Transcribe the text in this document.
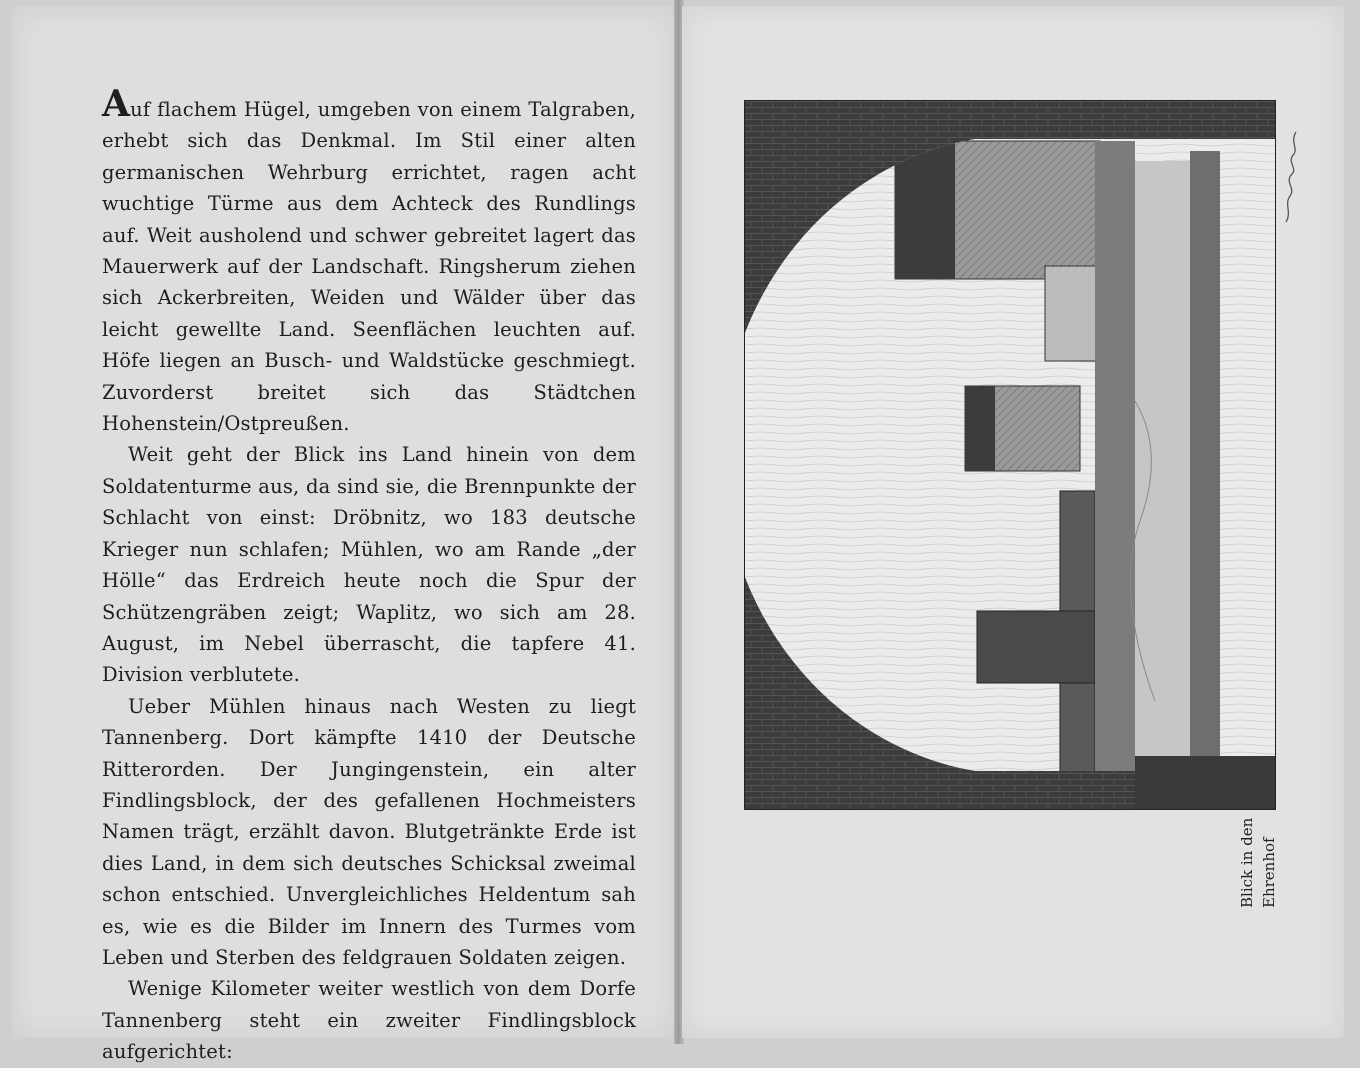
Auf flachem Hügel, umgeben von einem Talgraben, erhebt sich das Denkmal. Im Stil einer alten germanischen Wehrburg errichtet, ragen acht wuchtige Türme aus dem Achteck des Rundlings auf. Weit ausholend und schwer gebreitet lagert das Mauerwerk auf der Landschaft. Ringsherum ziehen sich Ackerbreiten, Weiden und Wälder über das leicht gewellte Land. Seenflächen leuchten auf. Höfe liegen an Busch- und Waldstücke geschmiegt. Zuvorderst breitet sich das Städtchen Hohenstein/Ostpreußen.

Weit geht der Blick ins Land hinein von dem Soldatenturme aus, da sind sie, die Brennpunkte der Schlacht von einst: Dröbnitz, wo 183 deutsche Krieger nun schlafen; Mühlen, wo am Rande „der Hölle“ das Erdreich heute noch die Spur der Schützengräben zeigt; Waplitz, wo sich am 28. August, im Nebel überrascht, die tapfere 41. Division verblutete.

Ueber Mühlen hinaus nach Westen zu liegt Tannenberg. Dort kämpfte 1410 der Deutsche Ritterorden. Der Jungingenstein, ein alter Findlingsblock, der des gefallenen Hochmeisters Namen trägt, erzählt davon. Blutgetränkte Erde ist dies Land, in dem sich deutsches Schicksal zweimal schon entschied. Unvergleichliches Heldentum sah es, wie es die Bilder im Innern des Turmes vom Leben und Sterben des feldgrauen Soldaten zeigen.

Wenige Kilometer weiter westlich von dem Dorfe Tannenberg steht ein zweiter Findlingsblock aufgerichtet:

Blick in den Ehrenhof
